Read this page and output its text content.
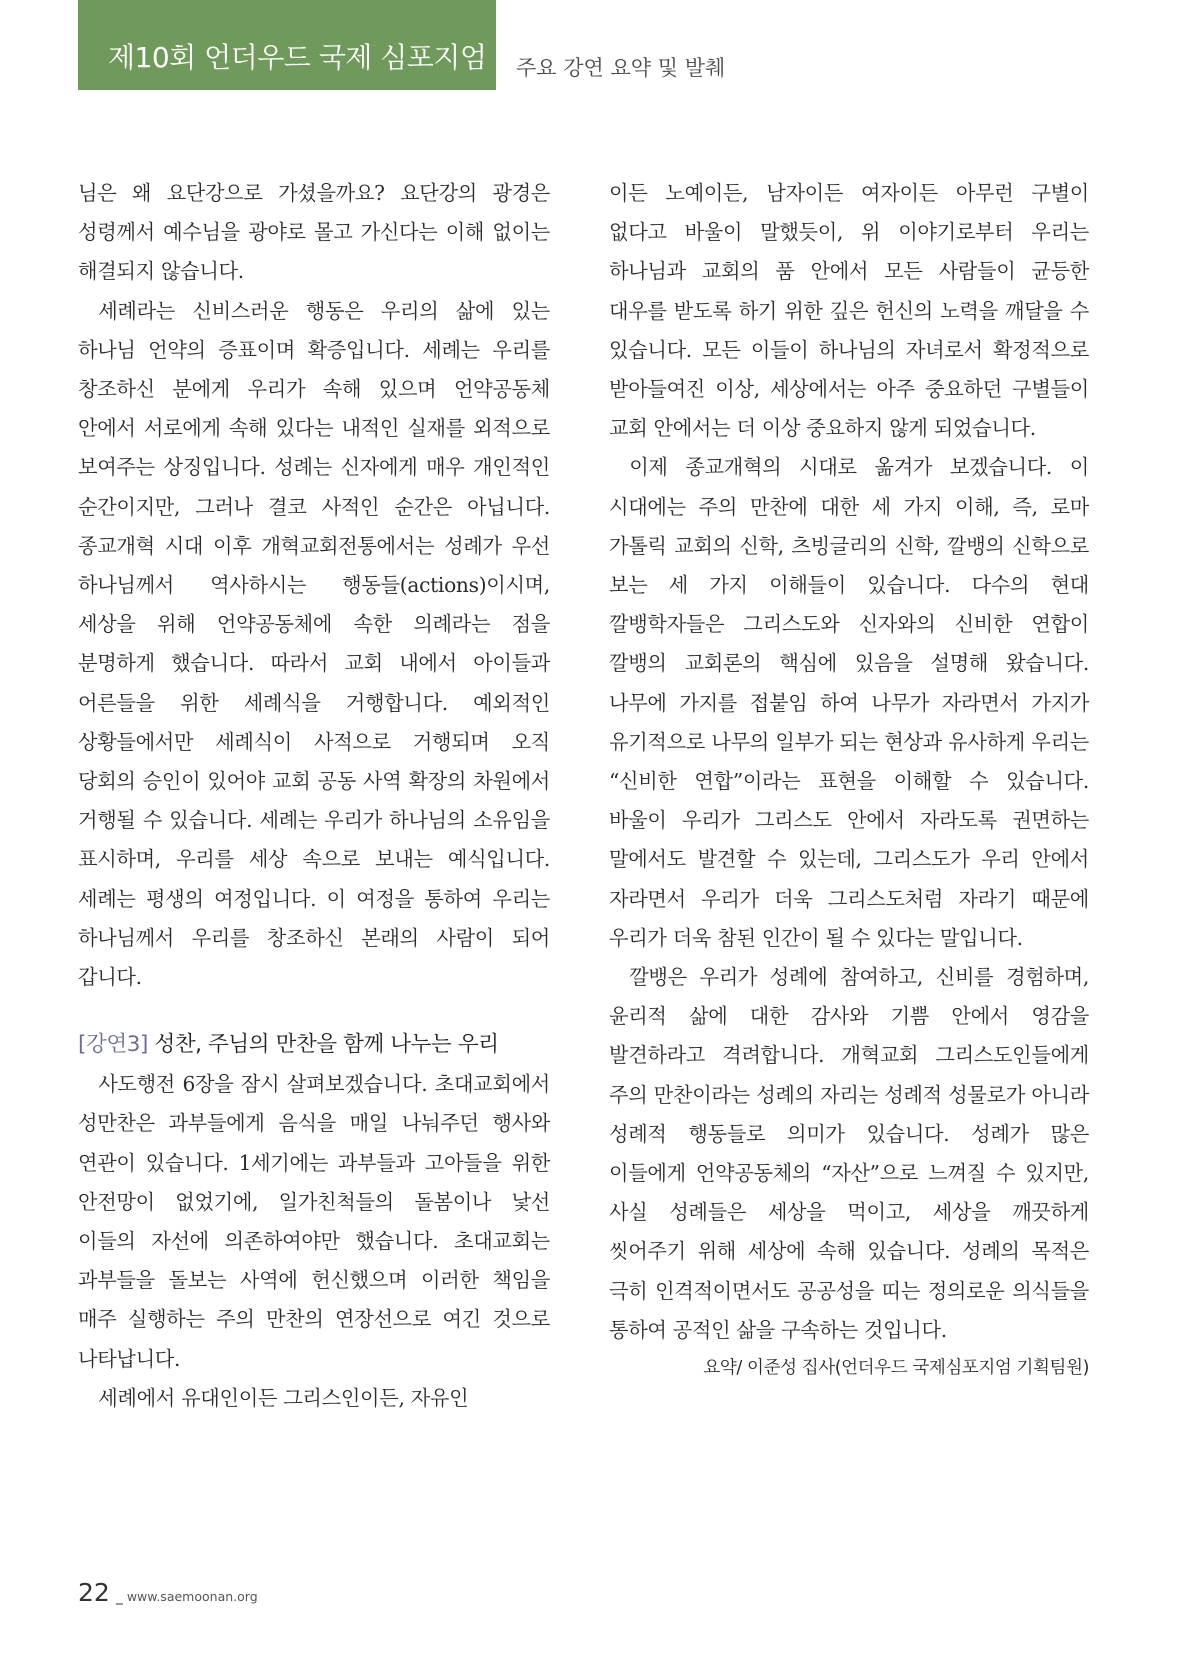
제10회 언더우드 국제 심포지엄 주요 강연 요약 및 발췌

님은 왜 요단강으로 가셨을까요? 요단강의 광경은 성령께서 예수님을 광야로 몰고 가신다는 이해 없이는 해결되지 않습니다.

세례라는 신비스러운 행동은 우리의 삶에 있는 하나님 언약의 증표이며 확증입니다. 세례는 우리를 창조하신 분에게 우리가 속해 있으며 언약공동체 안에서 서로에게 속해 있다는 내적인 실재를 외적으로 보여주는 상징입니다. 성례는 신자에게 매우 개인적인 순간이지만, 그러나 결코 사적인 순간은 아닙니다. 종교개혁 시대 이후 개혁교회전통에서는 성례가 우선 하나님께서 역사하시는 행동들(actions)이시며, 세상을 위해 언약공동체에 속한 의례라는 점을 분명하게 했습니다. 따라서 교회 내에서 아이들과 어른들을 위한 세례식을 거행합니다. 예외적인 상황들에서만 세례식이 사적으로 거행되며 오직 당회의 승인이 있어야 교회 공동 사역 확장의 차원에서 거행될 수 있습니다. 세례는 우리가 하나님의 소유임을 표시하며, 우리를 세상 속으로 보내는 예식입니다. 세례는 평생의 여정입니다. 이 여정을 통하여 우리는 하나님께서 우리를 창조하신 본래의 사람이 되어 갑니다.

[강연3] 성찬, 주님의 만찬을 함께 나누는 우리

사도행전 6장을 잠시 살펴보겠습니다. 초대교회에서 성만찬은 과부들에게 음식을 매일 나눠주던 행사와 연관이 있습니다. 1세기에는 과부들과 고아들을 위한 안전망이 없었기에, 일가친척들의 돌봄이나 낯선 이들의 자선에 의존하여야만 했습니다. 초대교회는 과부들을 돌보는 사역에 헌신했으며 이러한 책임을 매주 실행하는 주의 만찬의 연장선으로 여긴 것으로 나타납니다.

세례에서 유대인이든 그리스인이든, 자유인

이든 노예이든, 남자이든 여자이든 아무런 구별이 없다고 바울이 말했듯이, 위 이야기로부터 우리는 하나님과 교회의 품 안에서 모든 사람들이 균등한 대우를 받도록 하기 위한 깊은 헌신의 노력을 깨달을 수 있습니다. 모든 이들이 하나님의 자녀로서 확정적으로 받아들여진 이상, 세상에서는 아주 중요하던 구별들이 교회 안에서는 더 이상 중요하지 않게 되었습니다.

이제 종교개혁의 시대로 옮겨가 보겠습니다. 이 시대에는 주의 만찬에 대한 세 가지 이해, 즉, 로마 가톨릭 교회의 신학, 츠빙글리의 신학, 깔뱅의 신학으로 보는 세 가지 이해들이 있습니다. 다수의 현대 깔뱅학자들은 그리스도와 신자와의 신비한 연합이 깔뱅의 교회론의 핵심에 있음을 설명해 왔습니다. 나무에 가지를 접붙임 하여 나무가 자라면서 가지가 유기적으로 나무의 일부가 되는 현상과 유사하게 우리는 “신비한 연합”이라는 표현을 이해할 수 있습니다. 바울이 우리가 그리스도 안에서 자라도록 권면하는 말에서도 발견할 수 있는데, 그리스도가 우리 안에서 자라면서 우리가 더욱 그리스도처럼 자라기 때문에 우리가 더욱 참된 인간이 될 수 있다는 말입니다.

깔뱅은 우리가 성례에 참여하고, 신비를 경험하며, 윤리적 삶에 대한 감사와 기쁨 안에서 영감을 발견하라고 격려합니다. 개혁교회 그리스도인들에게 주의 만찬이라는 성례의 자리는 성례적 성물로가 아니라 성례적 행동들로 의미가 있습니다. 성례가 많은 이들에게 언약공동체의 “자산”으로 느껴질 수 있지만, 사실 성례들은 세상을 먹이고, 세상을 깨끗하게 씻어주기 위해 세상에 속해 있습니다. 성례의 목적은 극히 인격적이면서도 공공성을 띠는 정의로운 의식들을 통하여 공적인 삶을 구속하는 것입니다.

요약/ 이준성 집사(언더우드 국제심포지엄 기획팀원)
22 _ www.saemoonan.org
